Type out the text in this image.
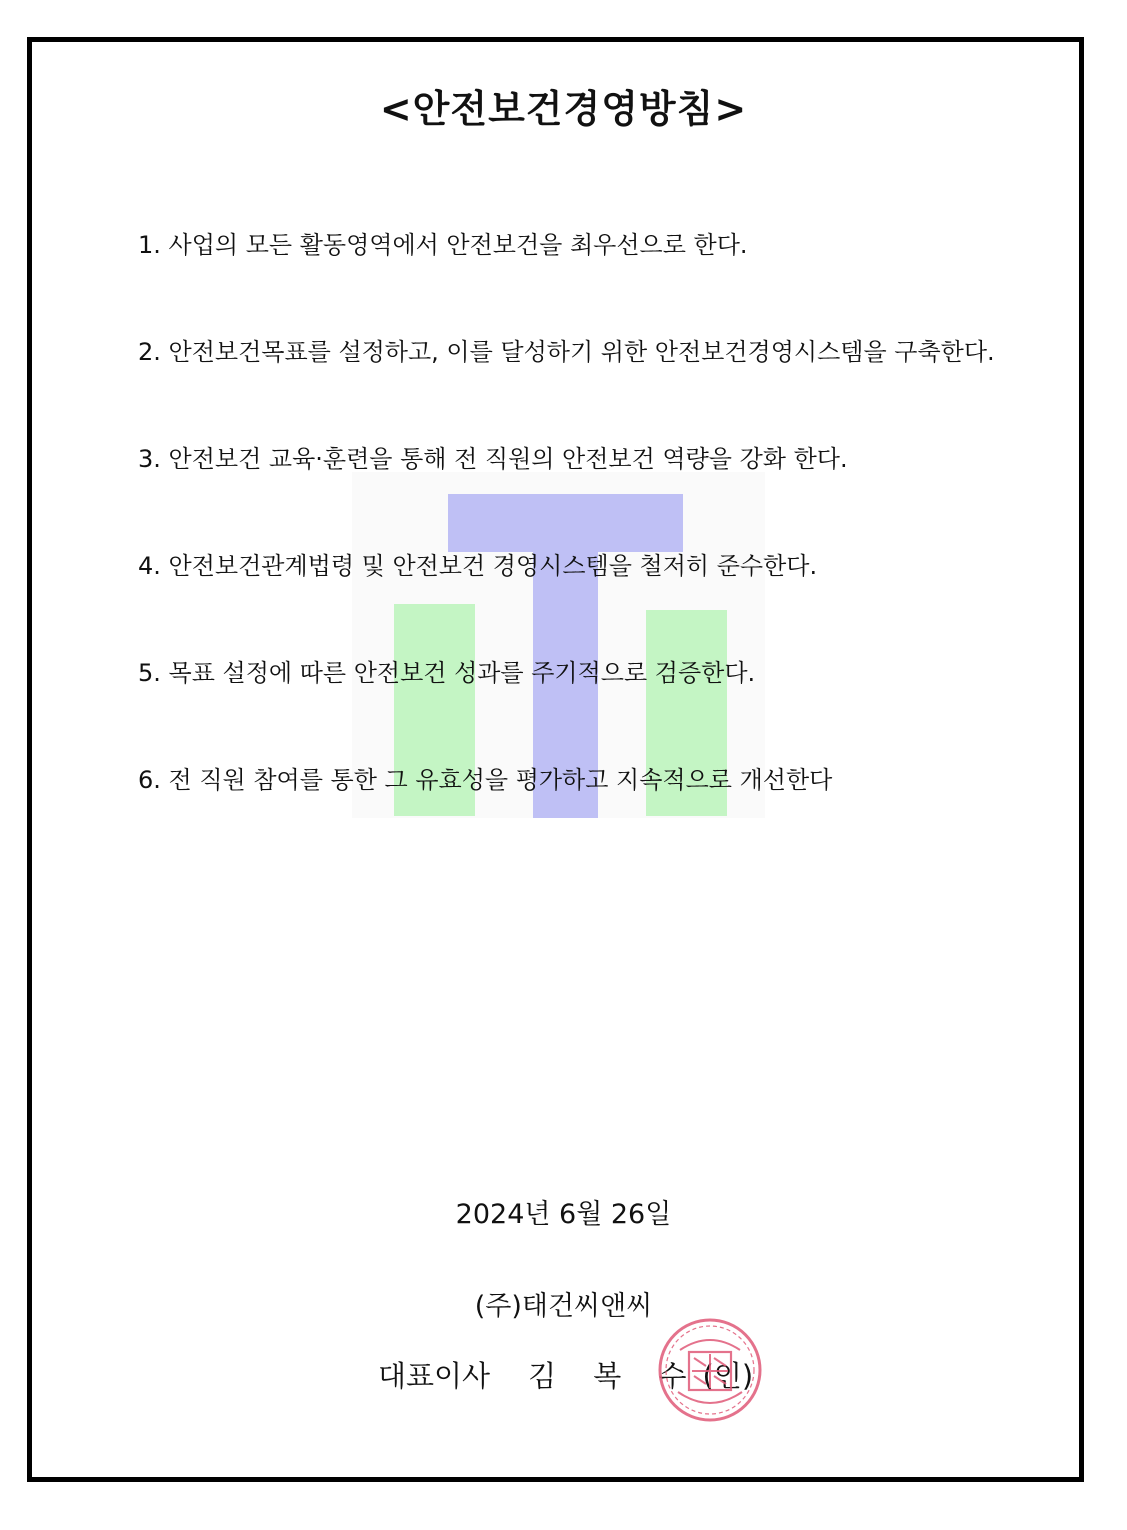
<안전보건경영방침>
1. 사업의 모든 활동영역에서 안전보건을 최우선으로 한다.
2. 안전보건목표를 설정하고, 이를 달성하기 위한 안전보건경영시스템을 구축한다.
3. 안전보건 교육·훈련을 통해 전 직원의 안전보건 역량을 강화 한다.
4. 안전보건관계법령 및 안전보건 경영시스템을 철저히 준수한다.
5. 목표 설정에 따른 안전보건 성과를 주기적으로 검증한다.
6. 전 직원 참여를 통한 그 유효성을 평가하고 지속적으로 개선한다
2024년 6월 26일
(주)태건씨앤씨
대표이사 김 복 수(인)
